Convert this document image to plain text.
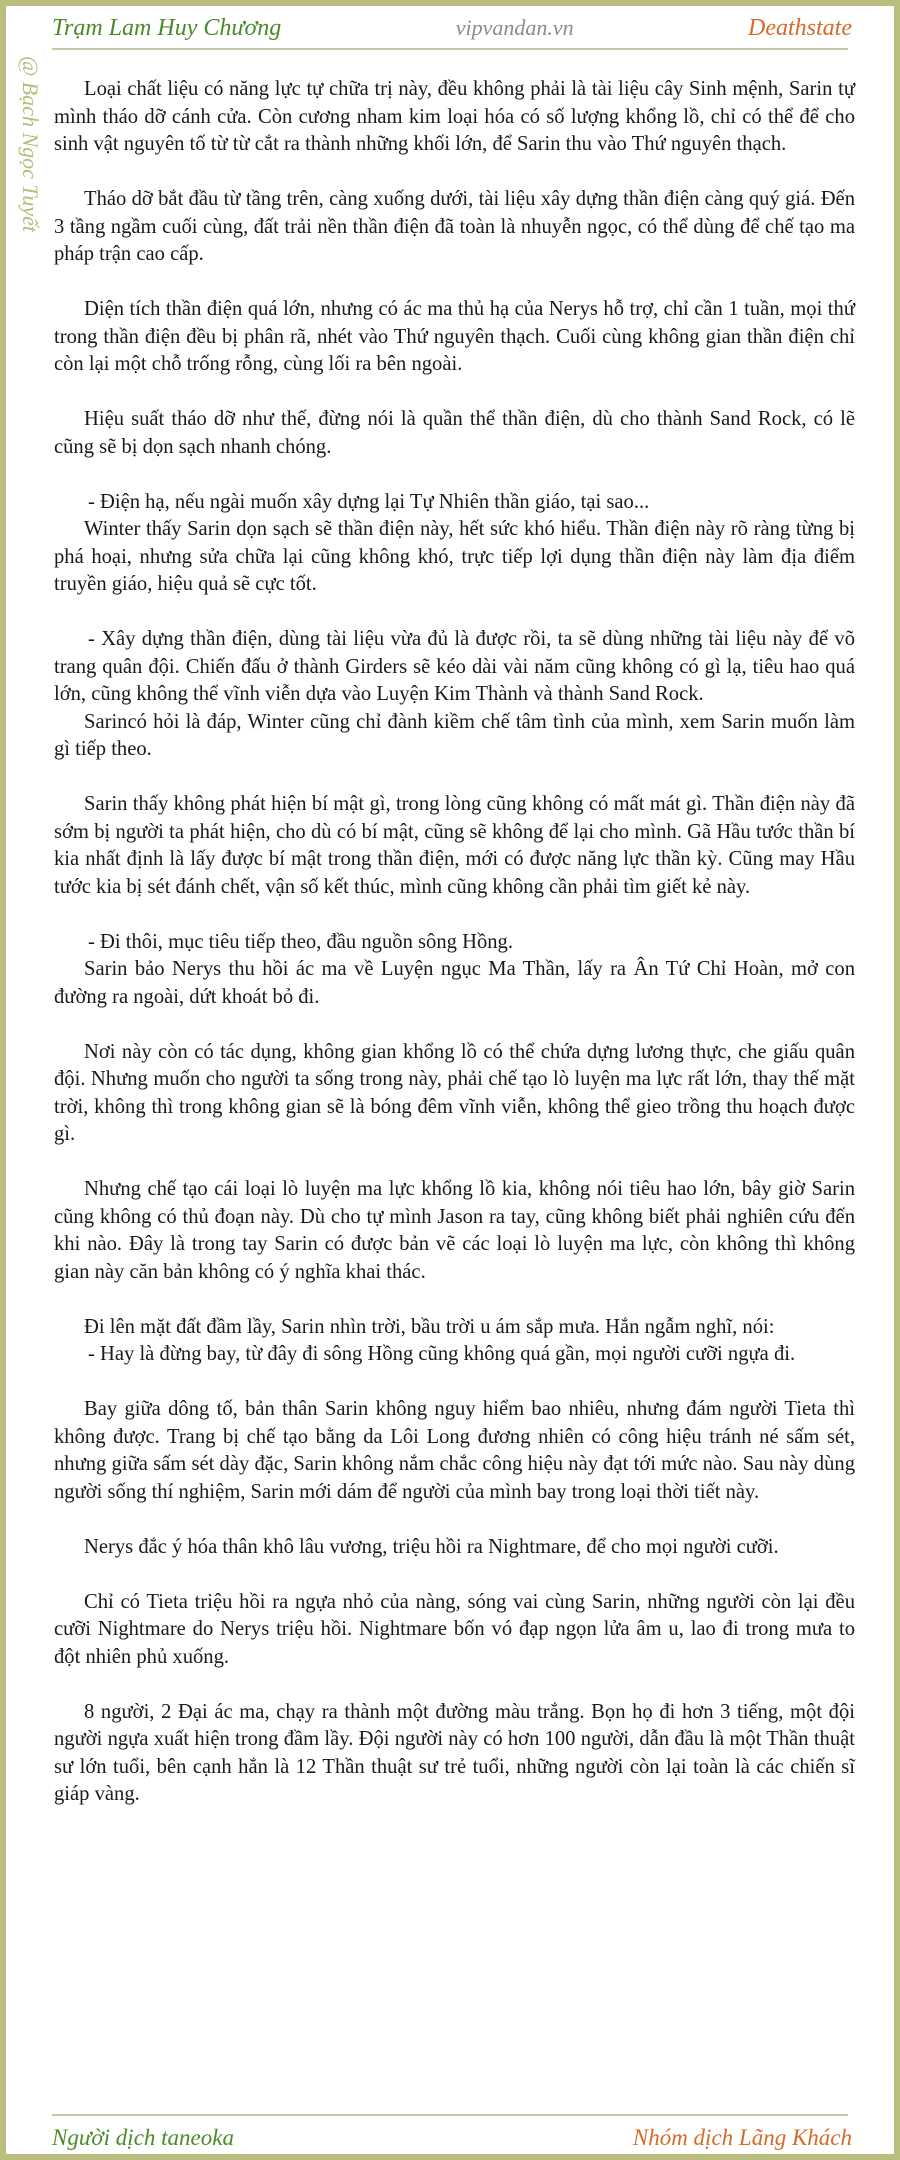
Trạm Lam Huy Chương	vipvandan.vn	Deathstate
@ Bạch Ngọc Tuyết	Loại chất liệu có năng lực tự chữa trị này, đều không phải là tài liệu cây Sinh mệnh, Sarin tự mình tháo dỡ cánh cửa. Còn cương nham kim loại hóa có số lượng khổng lồ, chỉ có thể để cho sinh vật nguyên tố từ từ cắt ra thành những khối lớn, để Sarin thu vào Thứ nguyên thạch.

Tháo dỡ bắt đầu từ tầng trên, càng xuống dưới, tài liệu xây dựng thần điện càng quý giá. Đến 3 tầng ngầm cuối cùng, đất trải nền thần điện đã toàn là nhuyễn ngọc, có thể dùng để chế tạo ma pháp trận cao cấp.

Diện tích thần điện quá lớn, nhưng có ác ma thủ hạ của Nerys hỗ trợ, chỉ cần 1 tuần, mọi thứ trong thần điện đều bị phân rã, nhét vào Thứ nguyên thạch. Cuối cùng không gian thần điện chỉ còn lại một chỗ trống rỗng, cùng lối ra bên ngoài.

Hiệu suất tháo dỡ như thế, đừng nói là quần thể thần điện, dù cho thành Sand Rock, có lẽ cũng sẽ bị dọn sạch nhanh chóng.

- Điện hạ, nếu ngài muốn xây dựng lại Tự Nhiên thần giáo, tại sao...

Winter thấy Sarin dọn sạch sẽ thần điện này, hết sức khó hiểu. Thần điện này rõ ràng từng bị phá hoại, nhưng sửa chữa lại cũng không khó, trực tiếp lợi dụng thần điện này làm địa điểm truyền giáo, hiệu quả sẽ cực tốt.

- Xây dựng thần điện, dùng tài liệu vừa đủ là được rồi, ta sẽ dùng những tài liệu này để võ trang quân đội. Chiến đấu ở thành Girders sẽ kéo dài vài năm cũng không có gì lạ, tiêu hao quá lớn, cũng không thể vĩnh viễn dựa vào Luyện Kim Thành và thành Sand Rock.

Sarincó hỏi là đáp, Winter cũng chỉ đành kiềm chế tâm tình của mình, xem Sarin muốn làm gì tiếp theo.

Sarin thấy không phát hiện bí mật gì, trong lòng cũng không có mất mát gì. Thần điện này đã sớm bị người ta phát hiện, cho dù có bí mật, cũng sẽ không để lại cho mình. Gã Hầu tước thần bí kia nhất định là lấy được bí mật trong thần điện, mới có được năng lực thần kỳ. Cũng may Hầu tước kia bị sét đánh chết, vận số kết thúc, mình cũng không cần phải tìm giết kẻ này.

- Đi thôi, mục tiêu tiếp theo, đầu nguồn sông Hồng.

Sarin bảo Nerys thu hồi ác ma về Luyện ngục Ma Thần, lấy ra Ân Tứ Chỉ Hoàn, mở con đường ra ngoài, dứt khoát bỏ đi.

Nơi này còn có tác dụng, không gian khổng lồ có thể chứa dựng lương thực, che giấu quân đội. Nhưng muốn cho người ta sống trong này, phải chế tạo lò luyện ma lực rất lớn, thay thế mặt trời, không thì trong không gian sẽ là bóng đêm vĩnh viễn, không thể gieo trồng thu hoạch được gì.

Nhưng chế tạo cái loại lò luyện ma lực khổng lồ kia, không nói tiêu hao lớn, bây giờ Sarin cũng không có thủ đoạn này. Dù cho tự mình Jason ra tay, cũng không biết phải nghiên cứu đến khi nào. Đây là trong tay Sarin có được bản vẽ các loại lò luyện ma lực, còn không thì không gian này căn bản không có ý nghĩa khai thác.

Đi lên mặt đất đầm lầy, Sarin nhìn trời, bầu trời u ám sắp mưa. Hắn ngẫm nghĩ, nói:

- Hay là đừng bay, từ đây đi sông Hồng cũng không quá gần, mọi người cưỡi ngựa đi.

Bay giữa dông tố, bản thân Sarin không nguy hiểm bao nhiêu, nhưng đám người Tieta thì không được. Trang bị chế tạo bằng da Lôi Long đương nhiên có công hiệu tránh né sấm sét, nhưng giữa sấm sét dày đặc, Sarin không nắm chắc công hiệu này đạt tới mức nào. Sau này dùng người sống thí nghiệm, Sarin mới dám để người của mình bay trong loại thời tiết này.

Nerys đắc ý hóa thân khô lâu vương, triệu hồi ra Nightmare, để cho mọi người cưỡi.

Chỉ có Tieta triệu hồi ra ngựa nhỏ của nàng, sóng vai cùng Sarin, những người còn lại đều cưỡi Nightmare do Nerys triệu hồi. Nightmare bốn vó đạp ngọn lửa âm u, lao đi trong mưa to đột nhiên phủ xuống.

8 người, 2 Đại ác ma, chạy ra thành một đường màu trắng. Bọn họ đi hơn 3 tiếng, một đội người ngựa xuất hiện trong đầm lầy. Đội người này có hơn 100 người, dẫn đầu là một Thần thuật sư lớn tuổi, bên cạnh hắn là 12 Thần thuật sư trẻ tuổi, những người còn lại toàn là các chiến sĩ giáp vàng.

Người dịch taneoka	Nhóm dịch Lãng Khách
